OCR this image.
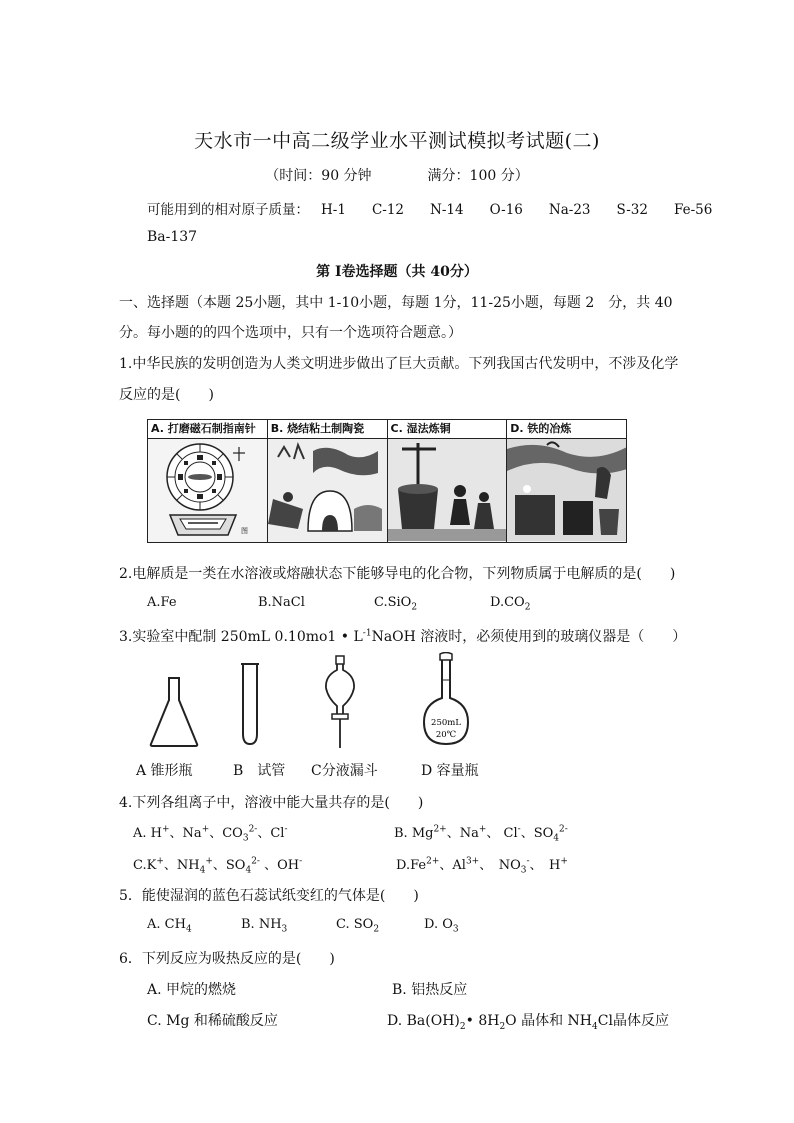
天水市一中高二级学业水平测试模拟考试题(二)
（时间：90 分钟	满分：100 分）
可能用到的相对原子质量： H-1 C-12 N-14 O-16 Na-23 S-32 Fe-56
Ba-137
第 I卷选择题（共 40分）
一、选择题（本题 25小题，其中 1-10小题，每题 1分，11-25小题，每题 2　分，共 40
分。每小题的的四个选项中，只有一个选项符合题意。）
1.中华民族的发明创造为人类文明进步做出了巨大贡献。下列我国古代发明中，不涉及化学
反应的是(　　)
A. 打磨磁石制指南针
图
B. 烧结粘土制陶瓷	C. 湿法炼铜	D. 铁的冶炼
2.电解质是一类在水溶液或熔融状态下能够导电的化合物，下列物质属于电解质的是(　　)
A.Fe	B.NaCl	C.SiO$_2$	$D.CO_2$
3.实验室中配制 250mL 0.10mo1 • $L^{-1}NaOH$ 溶液时，必须使用到的玻璃仪器是（　　）
250mL
20℃
A 锥形瓶	B　试管 C分液漏斗	D 容量瓶
4.下列各组离子中，溶液中能大量共存的是(　　)
A. H+、Na+、$CO_3^{2-}$、Cl-	B. $Mg^{2+}$、Na+、 Cl-、$SO_4^{2-}$
C.K+、$NH_4^+$、$SO_4^{2-}$ 、OH-	$D.Fe^{2+}$、$Al^{3+}$、　$NO_3^-$、　H+
5．能使湿润的蓝色石蕊试纸变红的气体是(　　)
A. $CH_4$	B. $NH_3$	C. $SO_2$	D. $O_3$
6．下列反应为吸热反应的是(　　)
A. 甲烷的燃烧	B. 铝热反应
C. Mg 和稀硫酸反应	D. $Ba(OH)_2•$ $8H_2O$ 晶体和 $NH_4Cl$晶体反应
